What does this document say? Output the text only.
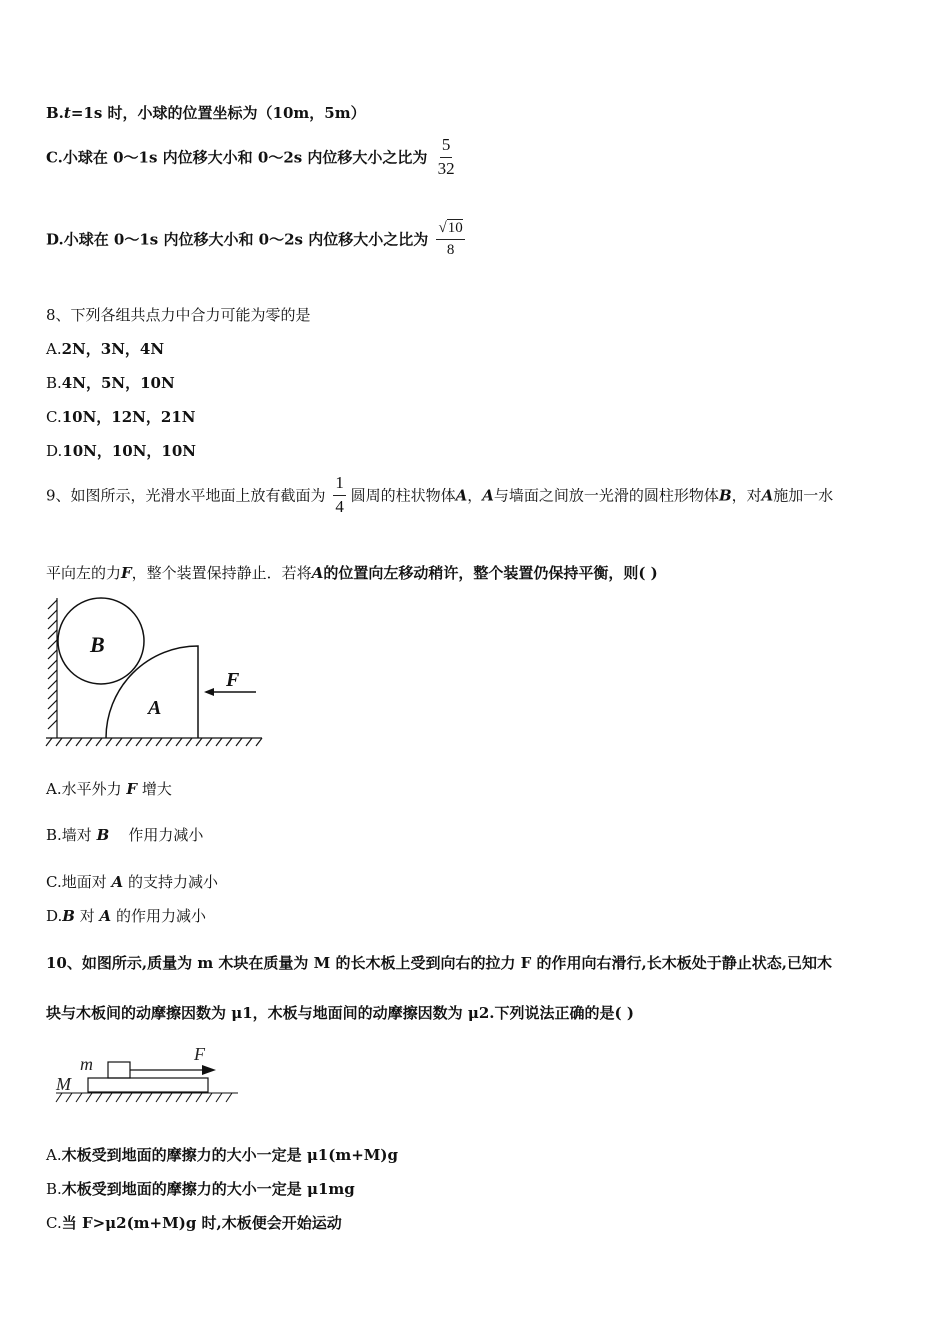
B.t=1s 时，小球的位置坐标为（10m，5m）
C.小球在 0～1s 内位移大小和 0～2s 内位移大小之比为 $\frac{5}{32}$
D.小球在 0～1s 内位移大小和 0～2s 内位移大小之比为 $\frac{√10}{8}$
8、下列各组共点力中合力可能为零的是
A.2N，3N，4N
B.4N，5N，10N
C.10N，12N，21N
D.10N，10N，10N
9、如图所示，光滑水平地面上放有截面为 $\frac{1}{4}$ 圆周的柱状物体A，A与墙面之间放一光滑的圆柱形物体B，对A施加一水
平向左的力F，整个装置保持静止．若将A的位置向左移动稍许，整个装置仍保持平衡，则( )
B
A
F
A.水平外力 F 增大
B.墙对 B 作用力减小
C.地面对 A 的支持力减小
D.B 对 A 的作用力减小
10、如图所示,质量为 m 木块在质量为 M 的长木板上受到向右的拉力 F 的作用向右滑行,长木板处于静止状态,已知木
块与木板间的动摩擦因数为 μ1，木板与地面间的动摩擦因数为 μ2.下列说法正确的是( )
m
M
F
A.木板受到地面的摩擦力的大小一定是 μ1(m+M)g
B.木板受到地面的摩擦力的大小一定是 μ1mg
C.当 F>μ2(m+M)g 时,木板便会开始运动
